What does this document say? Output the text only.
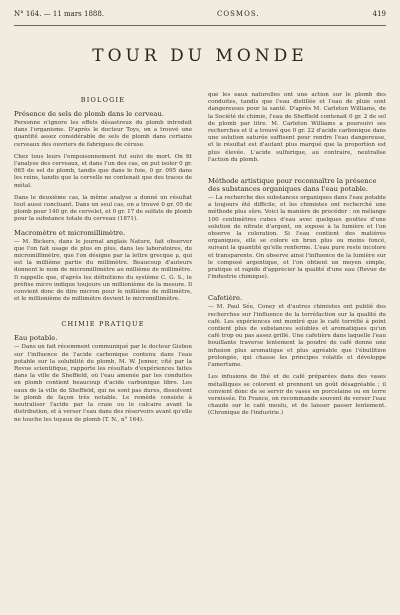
N° 164. — 11 mars 1888.	COSMOS.	419
TOUR DU MONDE
BIOLOGIE
Présence de sels de plomb dans le cerveau.

Personne n'ignore les effets désastreux du plomb introduit dans l'organisme. D'après le docteur Toys, on a trouvé une quantité assez considérable de sels de plomb dans certains cerveaux des ouvriers de fabriques de céruse.

Chez tous leurs l'empoisonnement fut suivi de mort. On fit l'analyse des cerveaux, et dans l'un des cas, on put isoler 0 gr. 065 de sel de plomb, tandis que dans le foie, 0 gr. 095 dans les reins, tandis que la cervelle ne contenait que des traces de métal.

Dans le deuxième cas, la même analyse a donné un résultat tout aussi concluant. Dans un seul cas, on a trouvé 0 gr. 05 de plomb pour 140 gr. de cervelet, et 0 gr. 17 de sulfate de plomb pour la substance totale du cerveau (1871).

Macromètre et micromillimètre.

— M. Bickers, dans le journal anglais Nature, fait observer que l'on fait usage de plus en plus, dans les laboratoires, du micromillimètre, que l'on désigne par la lettre grecque μ, qui est la millième partie du millimètre. Beaucoup d'auteurs donnent le nom de micromillimètre au millième de millimètre. Il rappelle que, d'après les définitions du système C. G. S., le préfixe micro indique toujours un millionième de la mesure. Il convient donc de dire micron pour le millième de millimètre, et le millionième de millimètre devient le micromillimètre.

CHIMIE PRATIQUE
Eau potable.

— Dans un fait récemment communiqué par le docteur Gisbon sur l'influence de l'acide carbonique contenu dans l'eau potable sur la solubilité du plomb, M. W. Jenner, cité par la Revue scientifique, rapporte les résultats d'expériences faites dans la ville de Sheffield, où l'eau amenée par les conduites en plomb contient beaucoup d'acide carbonique libre. Les eaux de la ville de Sheffield, qui ne sont pas dures, dissolvent le plomb de façon très notable. Le remède consiste à neutraliser l'acide par la craie ou le calcaire avant la distribution, et à verser l'eau dans des réservoirs avant qu'elle ne touche les tuyaux de plomb (T. N., n° 164).

que les eaux naturelles ont une action sur le plomb des conduites, tandis que l'eau distillée et l'eau de pluie sont dangereuses pour la santé. D'après M. Carleton Williams, de la Société de chimie, l'eau de Sheffield contenait 0 gr. 2 de sel de plomb par litre. M. Carleton Williams a poursuivi ses recherches et il a trouvé que 0 gr. 22 d'acide carbonique dans une solution saturée suffisent pour rendre l'eau dangereuse, et le résultat est d'autant plus marqué que la proportion est plus élevée. L'acide sulfurique, au contraire, neutralise l'action du plomb.

Méthode artistique pour reconnaître la présence des substances organiques dans l'eau potable.

— La recherche des substances organiques dans l'eau potable a toujours été difficile, et les chimistes ont recherché une méthode plus sûre. Voici la manière de procéder : on mélange 100 centimètres cubes d'eau avec quelques gouttes d'une solution de nitrate d'argent, on expose à la lumière et l'on observe la coloration. Si l'eau contient des matières organiques, elle se colore en brun plus ou moins foncé, suivant la quantité qu'elle renferme. L'eau pure reste incolore et transparente. On observe ainsi l'influence de la lumière sur le composé argentique, et l'on obtient un moyen simple, pratique et rapide d'apprécier la qualité d'une eau (Revue de l'industrie chimique).

Cafetière.

— M. Paul Sée, Coney et d'autres chimistes ont publié des recherches sur l'influence de la torréfaction sur la qualité du café. Les expériences ont montré que le café torréfié à point contient plus de substances solubles et aromatiques qu'un café trop ou pas assez grillé. Une cafetière dans laquelle l'eau bouillante traverse lentement la poudre de café donne une infusion plus aromatique et plus agréable que l'ébullition prolongée, qui chasse les principes volatils et développe l'amertume.

Les infusions de thé et de café préparées dans des vases métalliques se colorent et prennent un goût désagréable ; il convient donc de se servir de vases en porcelaine ou en terre vernissée. En France, on recommande souvent de verser l'eau chaude sur le café moulu, et de laisser passer lentement. (Chronique de l'industrie.)
